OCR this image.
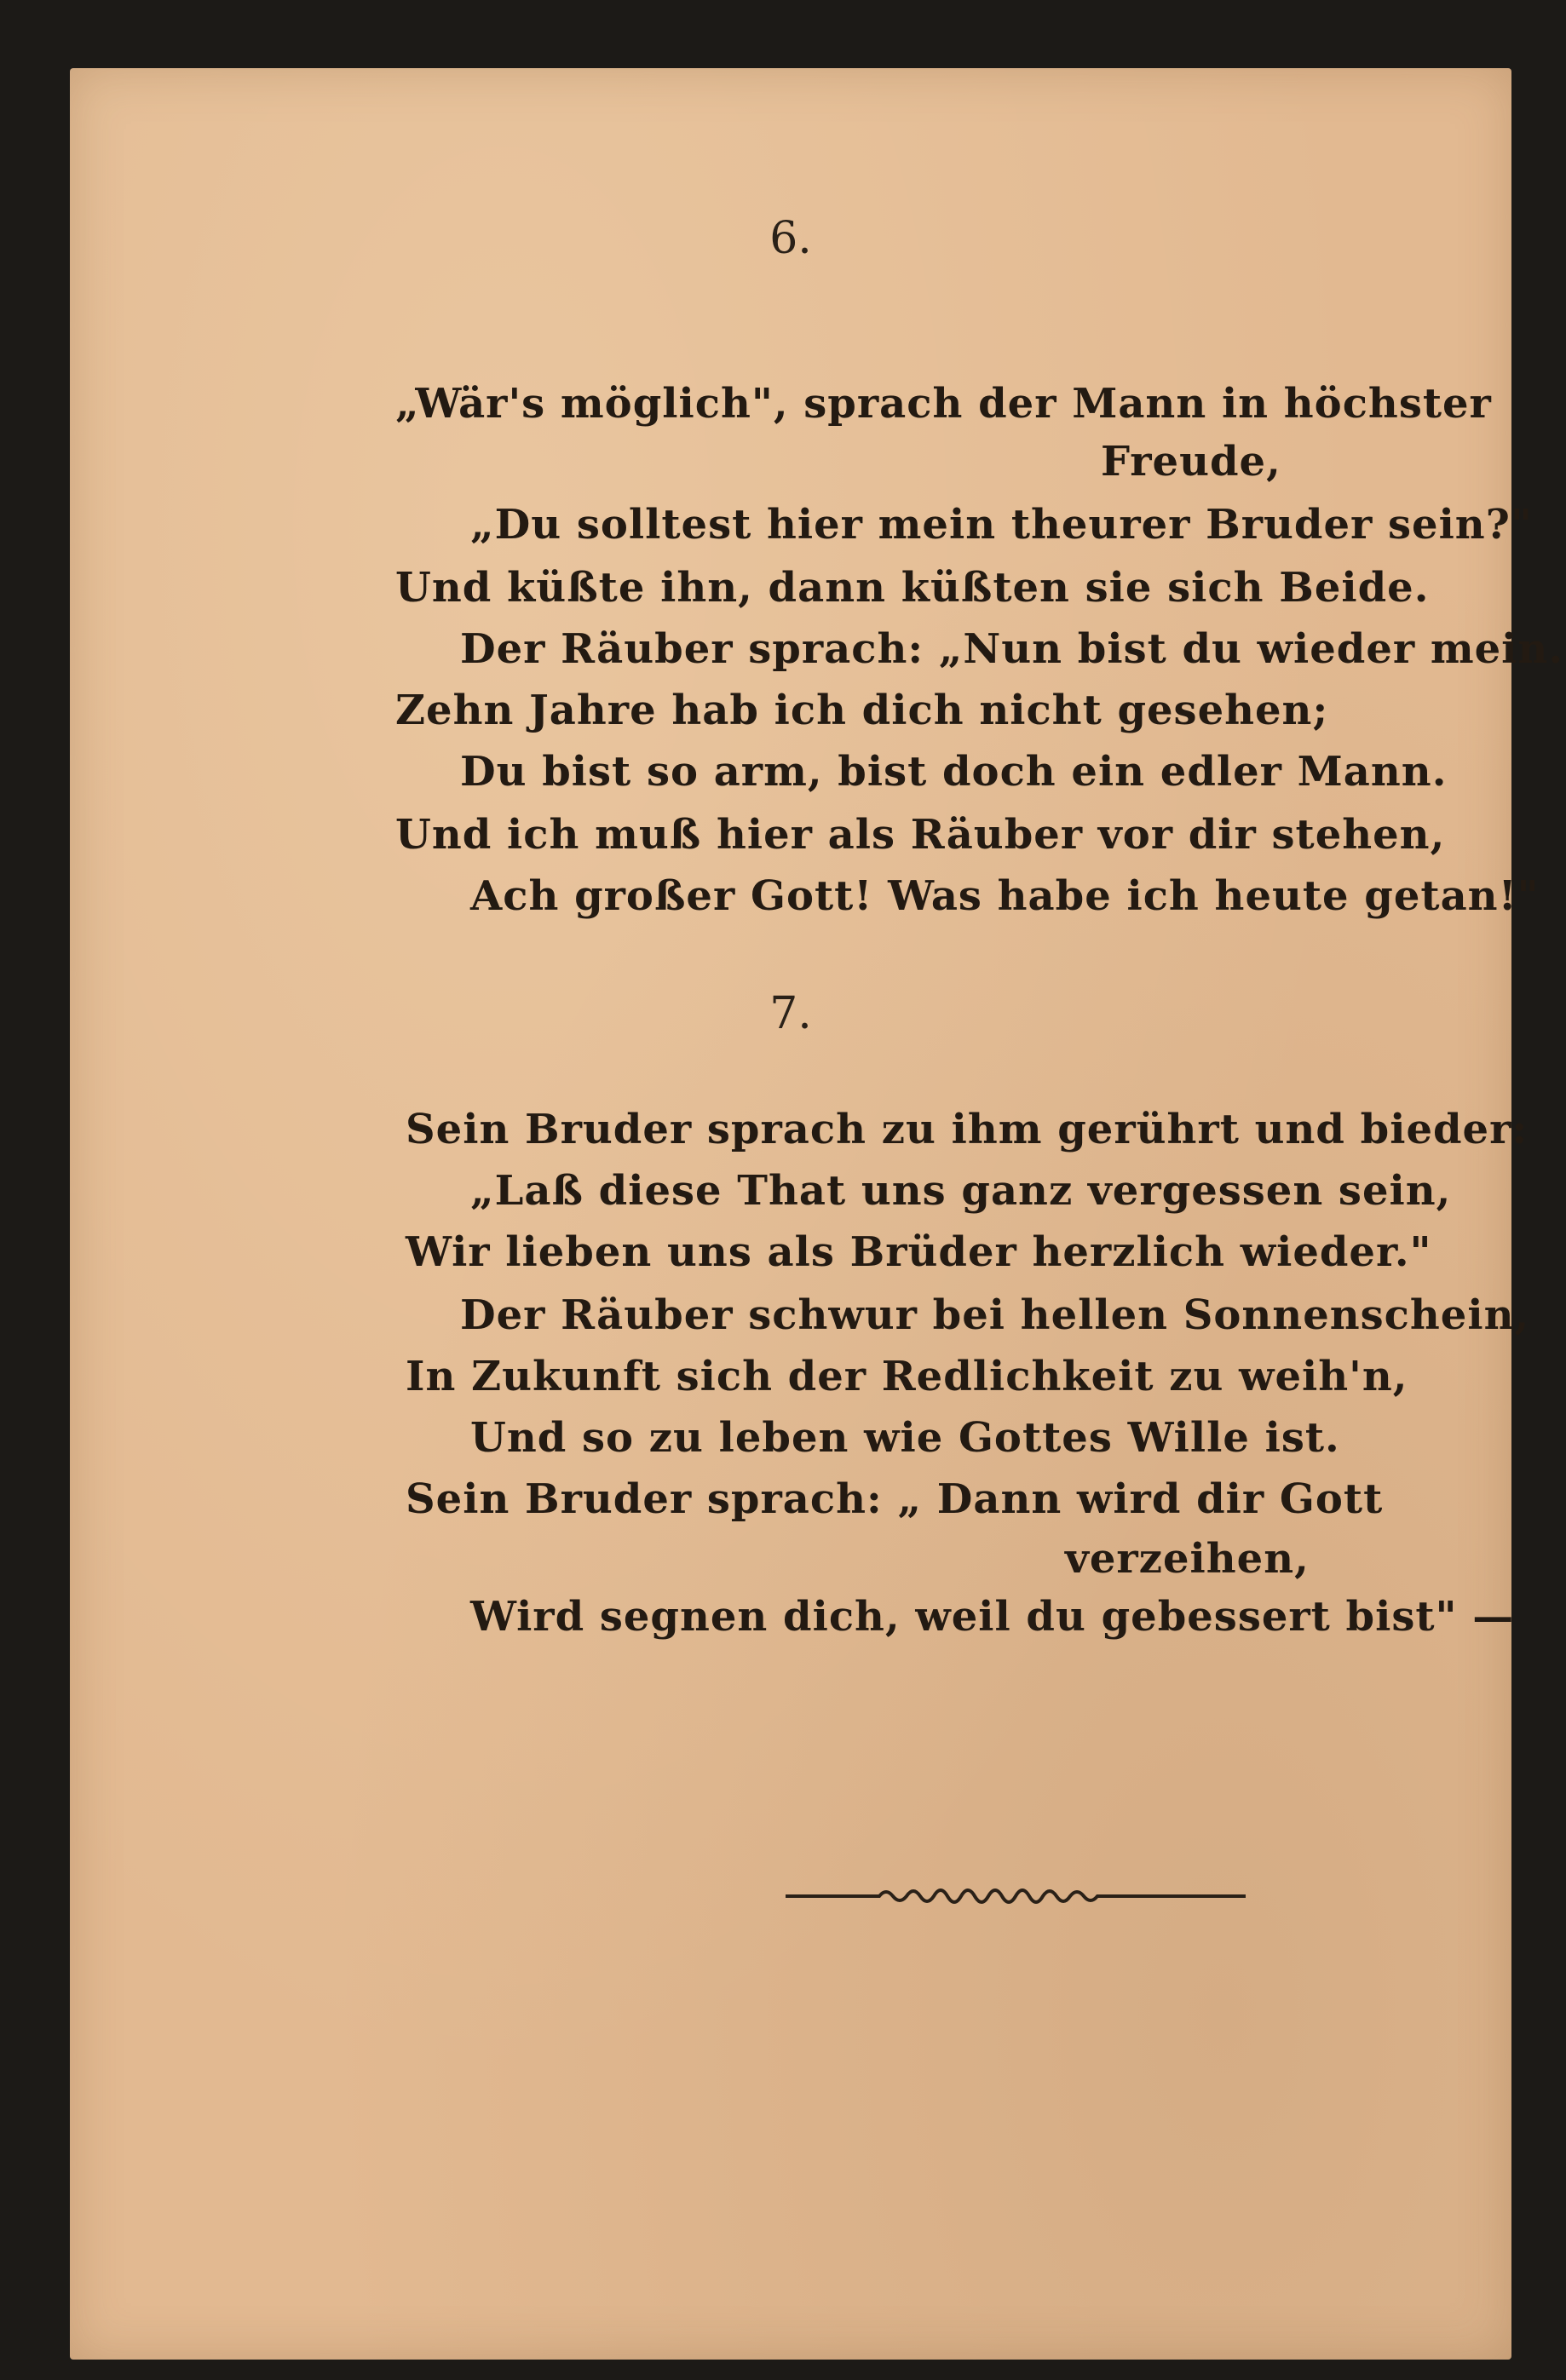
6.
„Wär's möglich", sprach der Mann in höchster
Freude,
„Du solltest hier mein theurer Bruder sein?"
Und küßte ihn, dann küßten sie sich Beide.
Der Räuber sprach: „Nun bist du wieder mein.
Zehn Jahre hab ich dich nicht gesehen;
Du bist so arm, bist doch ein edler Mann.
Und ich muß hier als Räuber vor dir stehen,
Ach großer Gott! Was habe ich heute getan!"
7.
Sein Bruder sprach zu ihm gerührt und bieder:
„Laß diese That uns ganz vergessen sein,
Wir lieben uns als Brüder herzlich wieder."
Der Räuber schwur bei hellen Sonnenschein,
In Zukunft sich der Redlichkeit zu weih'n,
Und so zu leben wie Gottes Wille ist.
Sein Bruder sprach: „ Dann wird dir Gott
verzeihen,
Wird segnen dich, weil du gebessert bist" —
